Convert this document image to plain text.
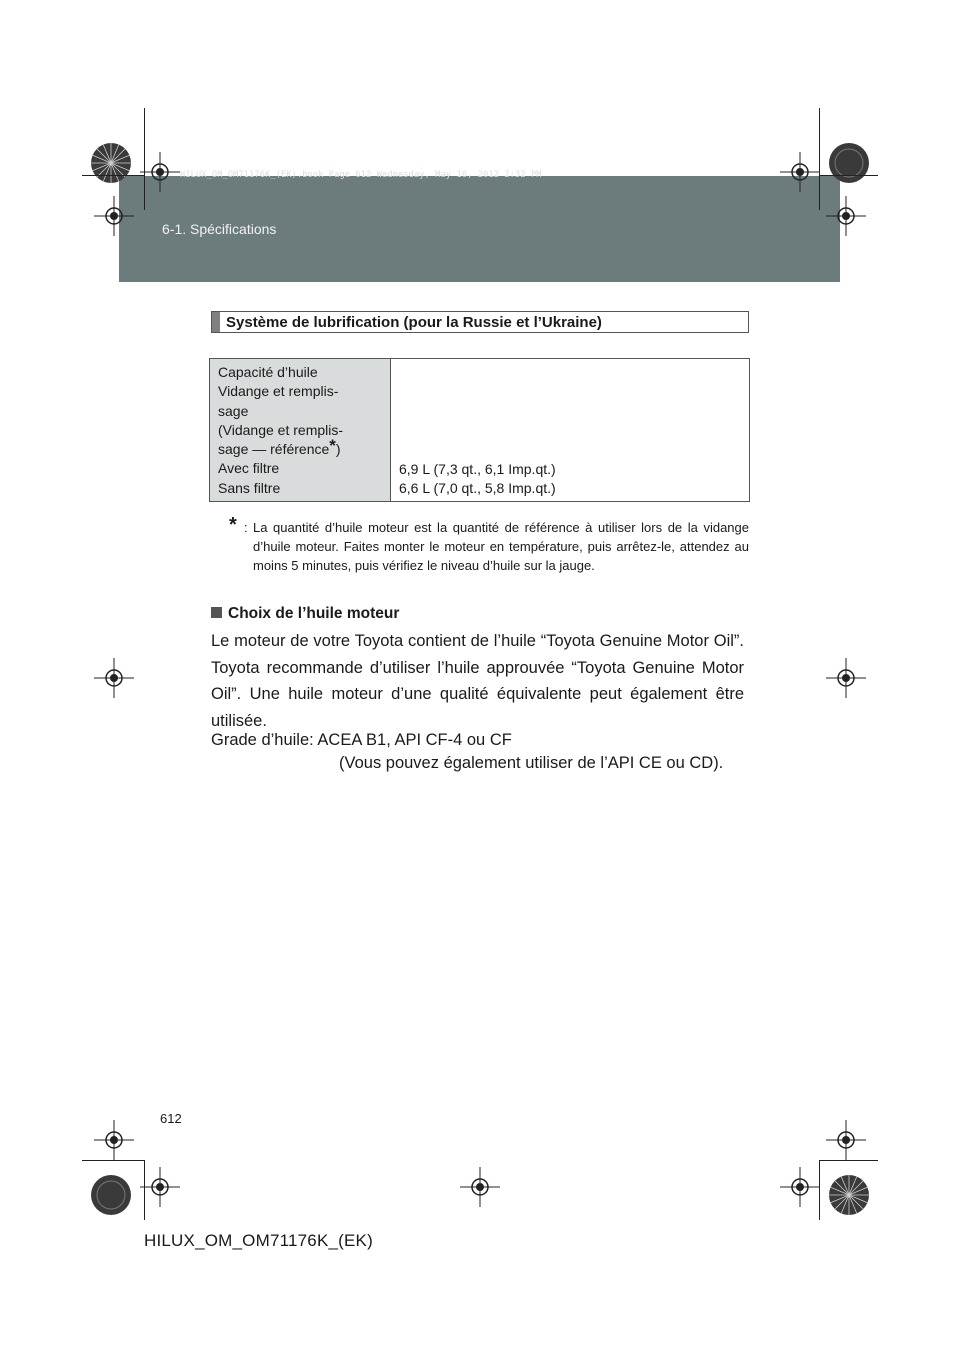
6-1. Spécifications
HILUX_OM_OM71176K_(EK).book Page 612 Wednesday, May 16, 2012 2:32 PM
Système de lubrification (pour la Russie et l’Ukraine)
Capacité d’huile
Vidange et remplis-
sage
(Vidange et remplis-
sage — référence*)
Avec filtre
Sans filtre
6,9 L (7,3 qt., 6,1 Imp.qt.)
6,6 L (7,0 qt., 5,8 Imp.qt.)
* : La quantité d’huile moteur est la quantité de référence à utiliser lors de la vidange d’huile moteur. Faites monter le moteur en température, puis arrêtez-le, attendez au moins 5 minutes, puis vérifiez le niveau d’huile sur la jauge.
Choix de l’huile moteur
Le moteur de votre Toyota contient de l’huile “Toyota Genuine Motor Oil”. Toyota recommande d’utiliser l’huile approuvée “Toyota Genuine Motor Oil”. Une huile moteur d’une qualité équivalente peut également être utilisée.
Grade d’huile: ACEA B1, API CF-4 ou CF
(Vous pouvez également utiliser de l’API CE ou CD).
612
HILUX_OM_OM71176K_(EK)
